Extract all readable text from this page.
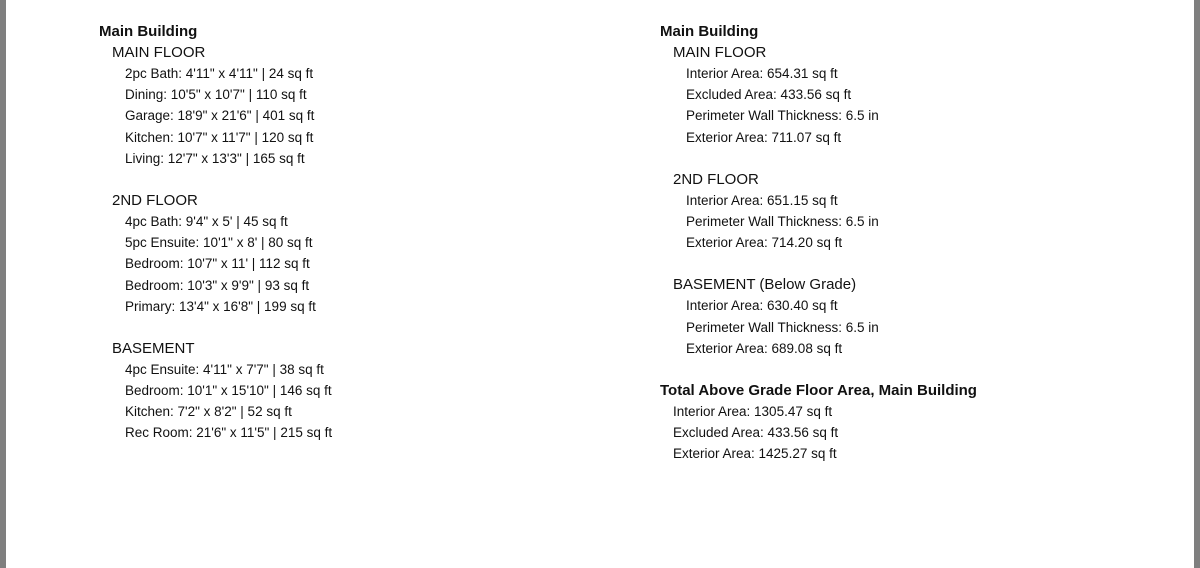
Main Building
MAIN FLOOR
2pc Bath: 4'11" x 4'11" | 24 sq ft
Dining: 10'5" x 10'7" | 110 sq ft
Garage: 18'9" x 21'6" | 401 sq ft
Kitchen: 10'7" x 11'7" | 120 sq ft
Living: 12'7" x 13'3" | 165 sq ft
2ND FLOOR
4pc Bath: 9'4" x 5' | 45 sq ft
5pc Ensuite: 10'1" x 8' | 80 sq ft
Bedroom: 10'7" x 11' | 112 sq ft
Bedroom: 10'3" x 9'9" | 93 sq ft
Primary: 13'4" x 16'8" | 199 sq ft
BASEMENT
4pc Ensuite: 4'11" x 7'7" | 38 sq ft
Bedroom: 10'1" x 15'10" | 146 sq ft
Kitchen: 7'2" x 8'2" | 52 sq ft
Rec Room: 21'6" x 11'5" | 215 sq ft
Main Building
MAIN FLOOR
Interior Area: 654.31 sq ft
Excluded Area: 433.56 sq ft
Perimeter Wall Thickness: 6.5 in
Exterior Area: 711.07 sq ft
2ND FLOOR
Interior Area: 651.15 sq ft
Perimeter Wall Thickness: 6.5 in
Exterior Area: 714.20 sq ft
BASEMENT (Below Grade)
Interior Area: 630.40 sq ft
Perimeter Wall Thickness: 6.5 in
Exterior Area: 689.08 sq ft
Total Above Grade Floor Area, Main Building
Interior Area: 1305.47 sq ft
Excluded Area: 433.56 sq ft
Exterior Area: 1425.27 sq ft
